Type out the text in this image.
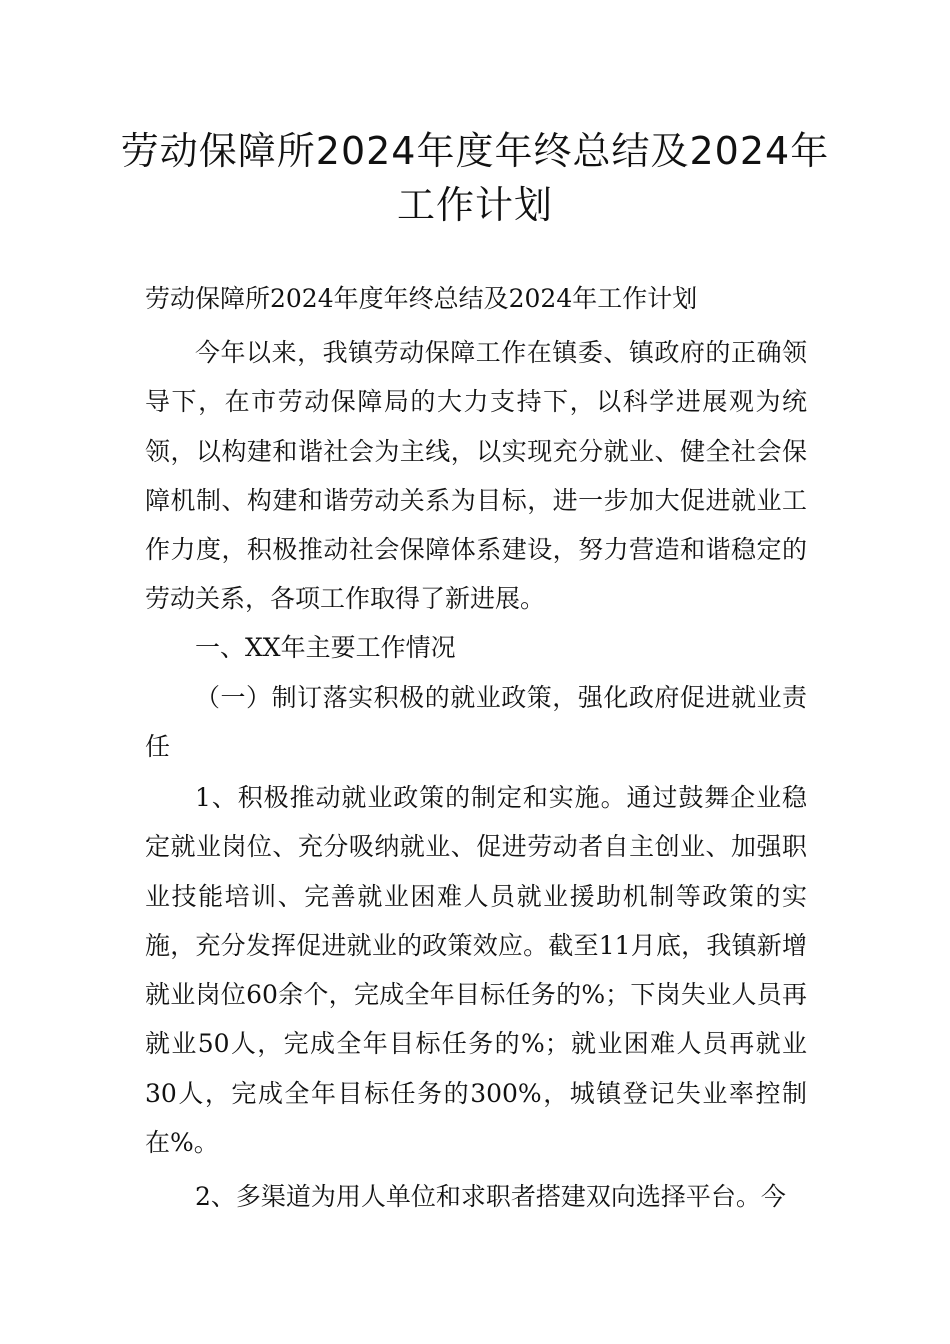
劳动保障所2024年度年终总结及2024年工作计划

劳动保障所2024年度年终总结及2024年工作计划

今年以来，我镇劳动保障工作在镇委、镇政府的正确领导下，在市劳动保障局的大力支持下，以科学进展观为统领，以构建和谐社会为主线，以实现充分就业、健全社会保障机制、构建和谐劳动关系为目标，进一步加大促进就业工作力度，积极推动社会保障体系建设，努力营造和谐稳定的劳动关系，各项工作取得了新进展。

一、XX年主要工作情况

（一）制订落实积极的就业政策，强化政府促进就业责任

1、积极推动就业政策的制定和实施。通过鼓舞企业稳定就业岗位、充分吸纳就业、促进劳动者自主创业、加强职业技能培训、完善就业困难人员就业援助机制等政策的实施，充分发挥促进就业的政策效应。截至11月底，我镇新增就业岗位60余个，完成全年目标任务的%；下岗失业人员再就业50人，完成全年目标任务的%；就业困难人员再就业30人，完成全年目标任务的300%，城镇登记失业率控制在%。

2、多渠道为用人单位和求职者搭建双向选择平台。今
